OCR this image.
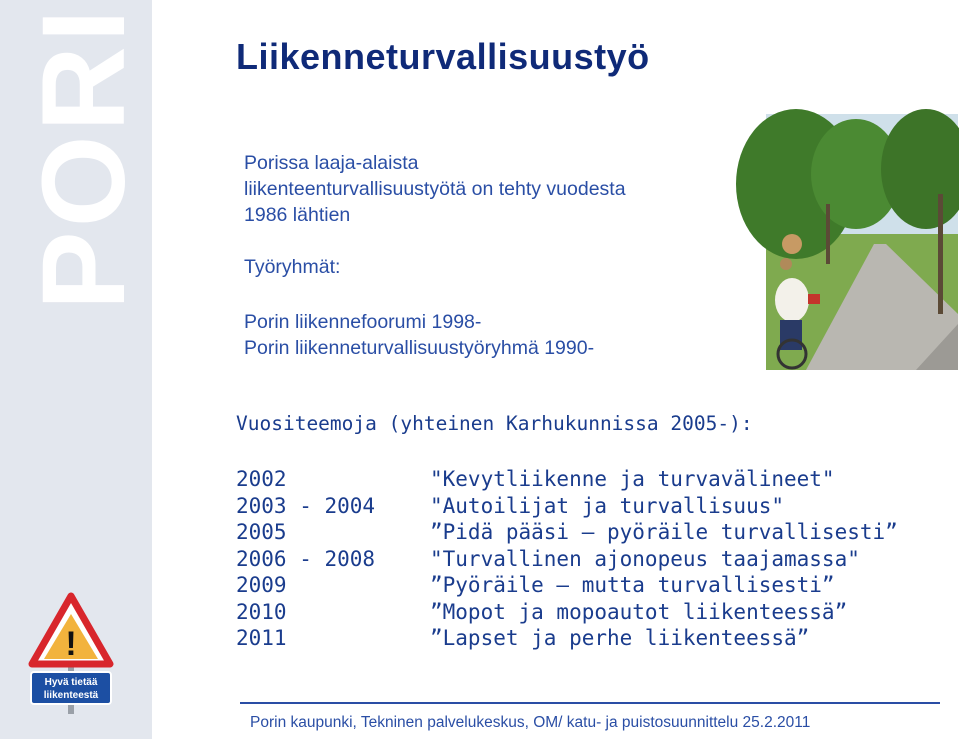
PORI
!
Hyvä tietää
liikenteestä
Liikenneturvallisuustyö

Porissa laaja-alaista

liikenteenturvallisuustyötä on tehty vuodesta

1986 lähtien

Työryhmät:

Porin liikennefoorumi 1998-
Porin liikenneturvallisuustyöryhmä 1990-

Vuositeemoja (yhteinen Karhukunnissa 2005-):

2002	"Kevytliikenne ja turvavälineet"
2003 - 2004	"Autoilijat ja turvallisuus"
2005	”Pidä pääsi – pyöräile turvallisesti”
2006 - 2008	"Turvallinen ajonopeus taajamassa"
2009	”Pyöräile – mutta turvallisesti”
2010	”Mopot ja mopoautot liikenteessä”
2011	”Lapset ja perhe liikenteessä”
Porin kaupunki, Tekninen palvelukeskus, OM/ katu- ja puistosuunnittelu 25.2.2011
